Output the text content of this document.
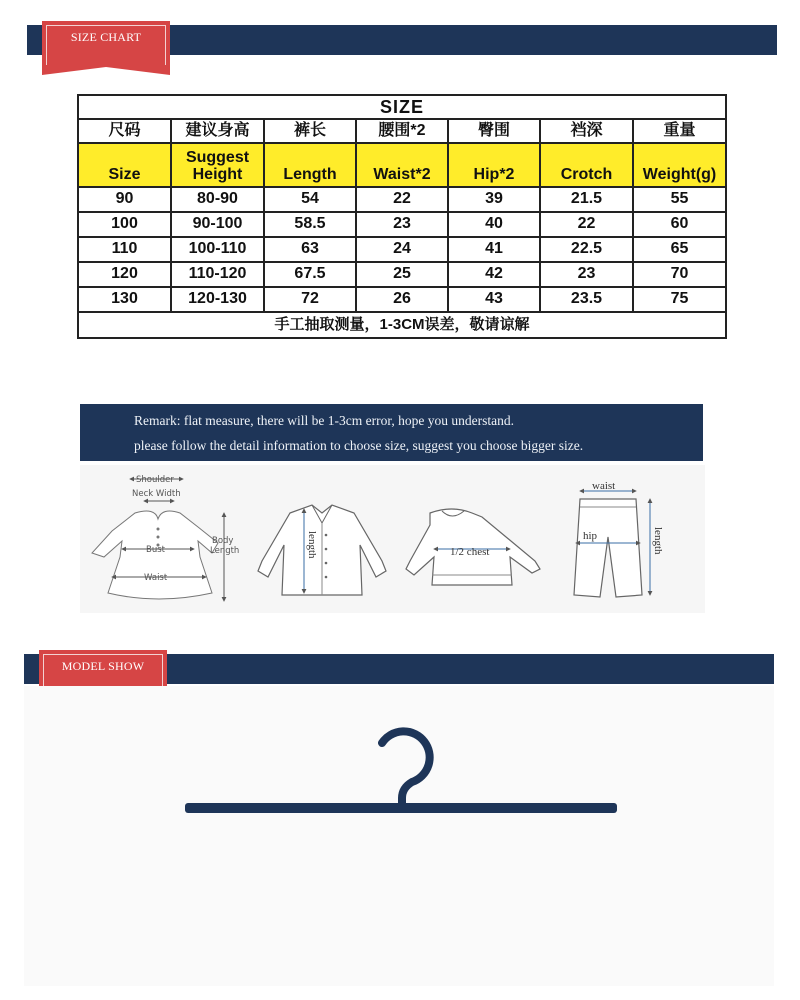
SIZE CHART
SIZE						
尺码	建议身高	裤长	腰围*2	臀围	裆深	重量
Size	Suggest Height	Length	Waist*2	Hip*2	Crotch	Weight(g)
90	80-90	54	22	39	21.5	55
100	90-100	58.5	23	40	22	60
110	100-110	63	24	41	22.5	65
120	110-120	67.5	25	42	23	70
130	120-130	72	26	43	23.5	75
手工抽取测量，1-3CM误差，敬请谅解						
Remark: flat measure, there will be 1-3cm error, hope you understand.
please follow the detail information to choose size, suggest you choose bigger size.
Shoulder
Neck Width
Bust
Waist
Body
Length	length	1/2 chest
waist
hip	length
MODEL SHOW
